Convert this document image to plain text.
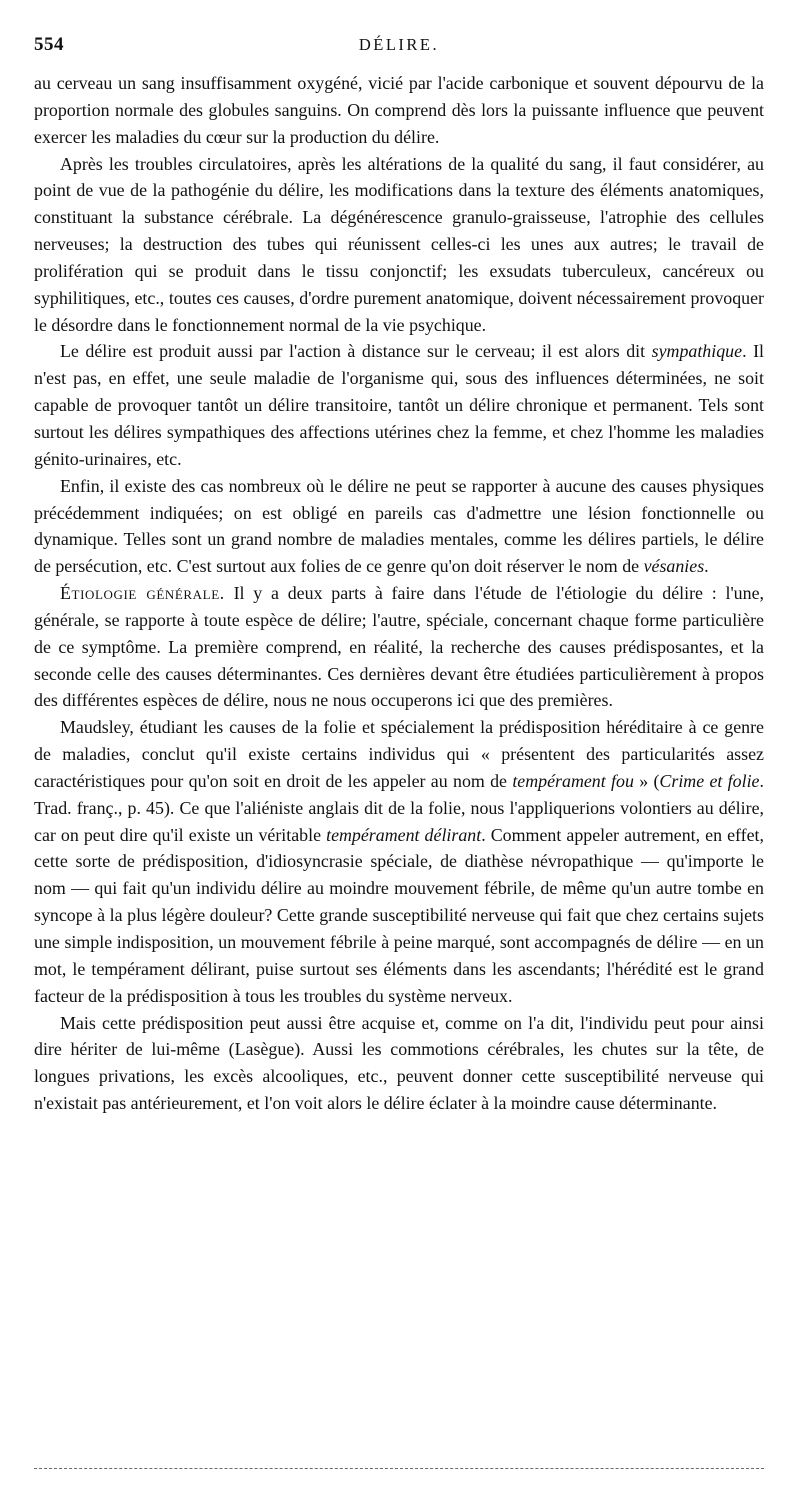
554	DÉLIRE.

au cerveau un sang insuffisamment oxygéné, vicié par l'acide carbonique et souvent dépourvu de la proportion normale des globules sanguins. On comprend dès lors la puissante influence que peuvent exercer les maladies du cœur sur la production du délire.

Après les troubles circulatoires, après les altérations de la qualité du sang, il faut considérer, au point de vue de la pathogénie du délire, les modifications dans la texture des éléments anatomiques, constituant la substance cérébrale. La dégénérescence granulo-graisseuse, l'atrophie des cellules nerveuses; la destruction des tubes qui réunissent celles-ci les unes aux autres; le travail de prolifération qui se produit dans le tissu conjonctif; les exsudats tuberculeux, cancéreux ou syphilitiques, etc., toutes ces causes, d'ordre purement anatomique, doivent nécessairement provoquer le désordre dans le fonctionnement normal de la vie psychique.

Le délire est produit aussi par l'action à distance sur le cerveau; il est alors dit sympathique. Il n'est pas, en effet, une seule maladie de l'organisme qui, sous des influences déterminées, ne soit capable de provoquer tantôt un délire transitoire, tantôt un délire chronique et permanent. Tels sont surtout les délires sympathiques des affections utérines chez la femme, et chez l'homme les maladies génito-urinaires, etc.

Enfin, il existe des cas nombreux où le délire ne peut se rapporter à aucune des causes physiques précédemment indiquées; on est obligé en pareils cas d'admettre une lésion fonctionnelle ou dynamique. Telles sont un grand nombre de maladies mentales, comme les délires partiels, le délire de persécution, etc. C'est surtout aux folies de ce genre qu'on doit réserver le nom de vésanies.

Étiologie générale. Il y a deux parts à faire dans l'étude de l'étiologie du délire : l'une, générale, se rapporte à toute espèce de délire; l'autre, spéciale, concernant chaque forme particulière de ce symptôme. La première comprend, en réalité, la recherche des causes prédisposantes, et la seconde celle des causes déterminantes. Ces dernières devant être étudiées particulièrement à propos des différentes espèces de délire, nous ne nous occuperons ici que des premières.

Maudsley, étudiant les causes de la folie et spécialement la prédisposition héréditaire à ce genre de maladies, conclut qu'il existe certains individus qui « présentent des particularités assez caractéristiques pour qu'on soit en droit de les appeler au nom de tempérament fou » (Crime et folie. Trad. franç., p. 45). Ce que l'aliéniste anglais dit de la folie, nous l'appliquerions volontiers au délire, car on peut dire qu'il existe un véritable tempérament délirant. Comment appeler autrement, en effet, cette sorte de prédisposition, d'idiosyncrasie spéciale, de diathèse névropathique — qu'importe le nom — qui fait qu'un individu délire au moindre mouvement fébrile, de même qu'un autre tombe en syncope à la plus légère douleur? Cette grande susceptibilité nerveuse qui fait que chez certains sujets une simple indisposition, un mouvement fébrile à peine marqué, sont accompagnés de délire — en un mot, le tempérament délirant, puise surtout ses éléments dans les ascendants; l'hérédité est le grand facteur de la prédisposition à tous les troubles du système nerveux.

Mais cette prédisposition peut aussi être acquise et, comme on l'a dit, l'individu peut pour ainsi dire hériter de lui-même (Lasègue). Aussi les commotions cérébrales, les chutes sur la tête, de longues privations, les excès alcooliques, etc., peuvent donner cette susceptibilité nerveuse qui n'existait pas antérieurement, et l'on voit alors le délire éclater à la moindre cause déterminante.
